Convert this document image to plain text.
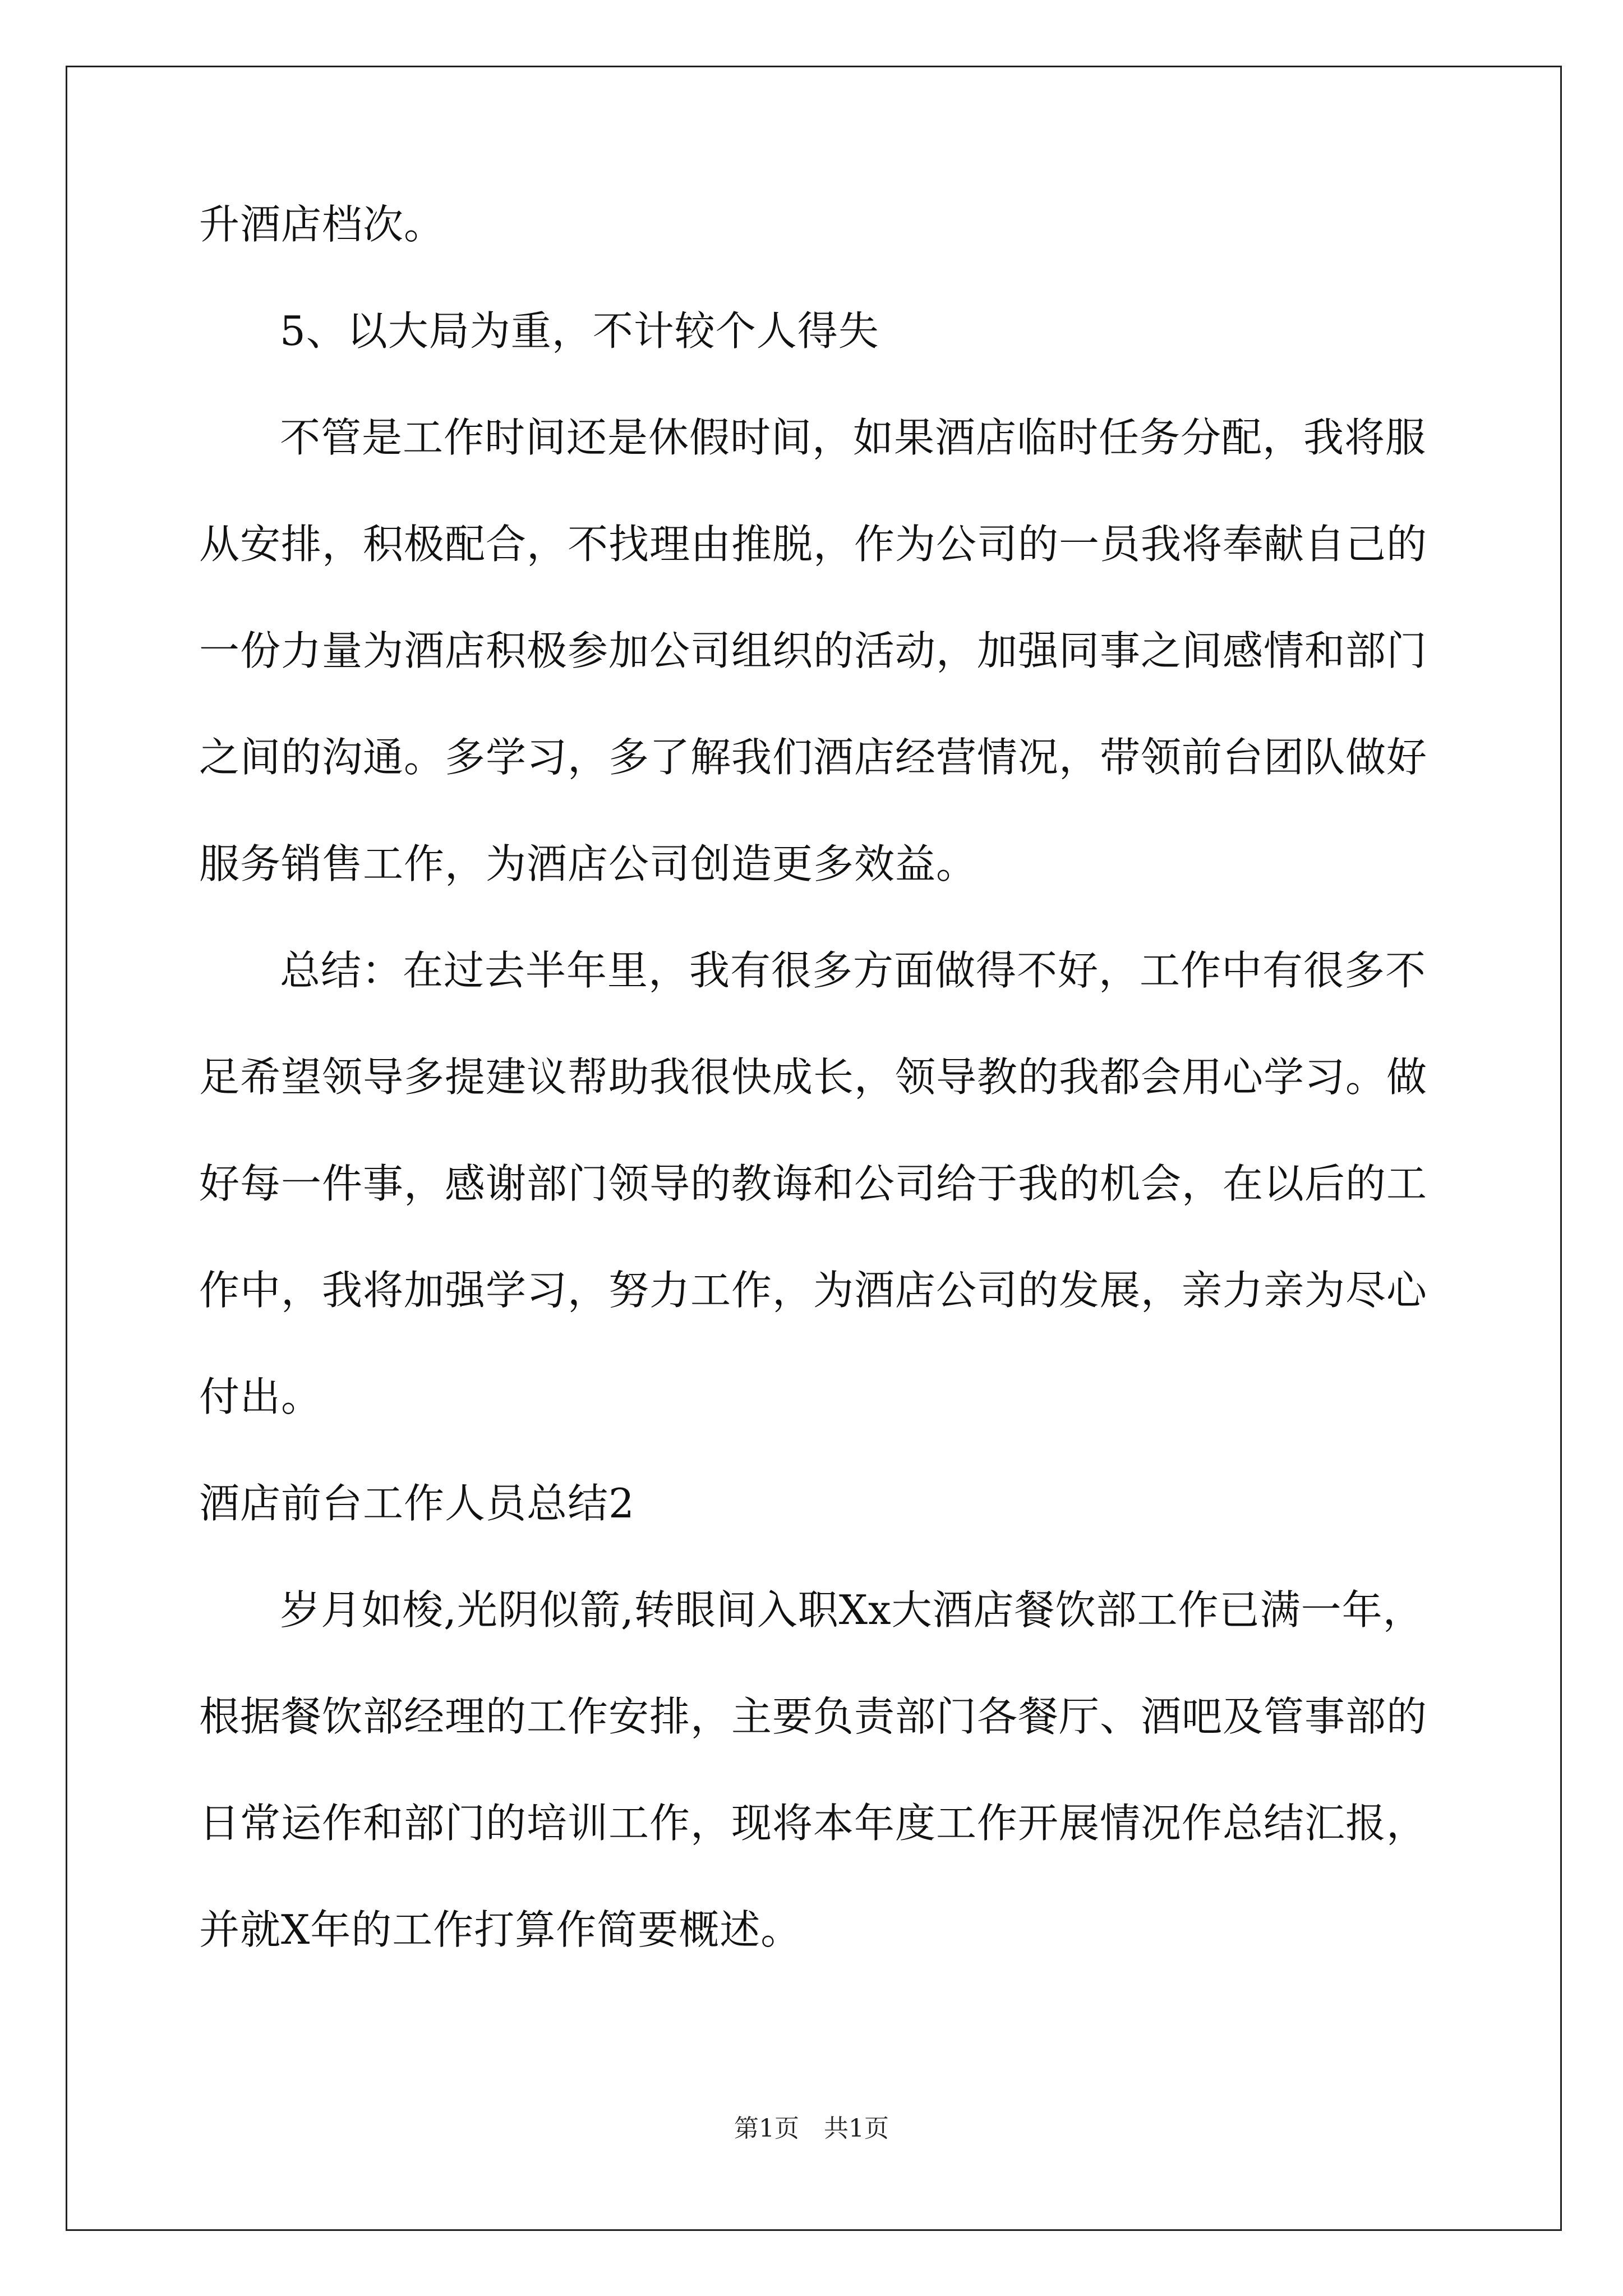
升酒店档次。
5、以大局为重，不计较个人得失
不管是工作时间还是休假时间，如果酒店临时任务分配，我将服
从安排，积极配合，不找理由推脱，作为公司的一员我将奉献自己的
一份力量为酒店积极参加公司组织的活动，加强同事之间感情和部门
之间的沟通。多学习，多了解我们酒店经营情况，带领前台团队做好
服务销售工作，为酒店公司创造更多效益。
总结：在过去半年里，我有很多方面做得不好，工作中有很多不
足希望领导多提建议帮助我很快成长，领导教的我都会用心学习。做
好每一件事，感谢部门领导的教诲和公司给于我的机会，在以后的工
作中，我将加强学习，努力工作，为酒店公司的发展，亲力亲为尽心
付出。
酒店前台工作人员总结2
岁月如梭,光阴似箭,转眼间入职Xx大酒店餐饮部工作已满一年，
根据餐饮部经理的工作安排，主要负责部门各餐厅、酒吧及管事部的
日常运作和部门的培训工作，现将本年度工作开展情况作总结汇报，
并就X年的工作打算作简要概述。
第1页　共1页
